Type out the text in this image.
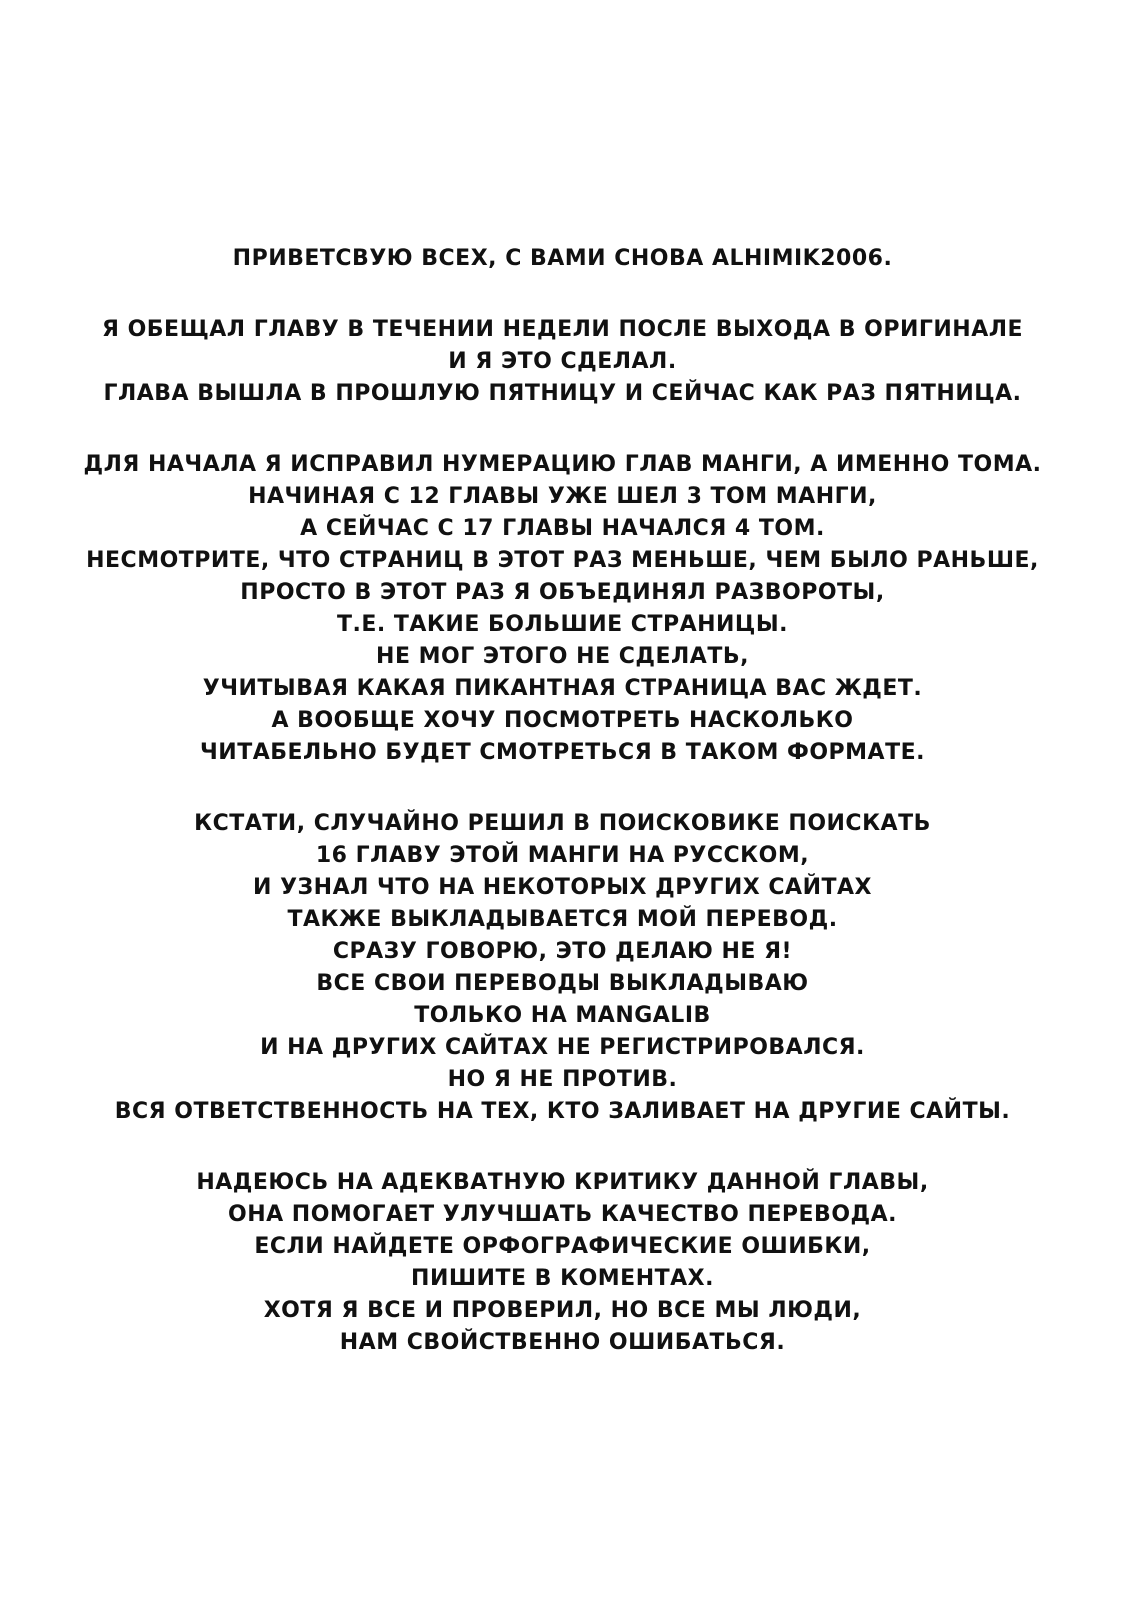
ПРИВЕТСВУЮ ВСЕХ, С ВАМИ СНОВА ALHIMIK2006.
Я ОБЕЩАЛ ГЛАВУ В ТЕЧЕНИИ НЕДЕЛИ ПОСЛЕ ВЫХОДА В ОРИГИНАЛЕ
И Я ЭТО СДЕЛАЛ.
ГЛАВА ВЫШЛА В ПРОШЛУЮ ПЯТНИЦУ И СЕЙЧАС КАК РАЗ ПЯТНИЦА.
ДЛЯ НАЧАЛА Я ИСПРАВИЛ НУМЕРАЦИЮ ГЛАВ МАНГИ, А ИМЕННО ТОМА.
НАЧИНАЯ С 12 ГЛАВЫ УЖЕ ШЕЛ 3 ТОМ МАНГИ,
А СЕЙЧАС С 17 ГЛАВЫ НАЧАЛСЯ 4 ТОМ.
НЕСМОТРИТЕ, ЧТО СТРАНИЦ В ЭТОТ РАЗ МЕНЬШЕ, ЧЕМ БЫЛО РАНЬШЕ,
ПРОСТО В ЭТОТ РАЗ Я ОБЪЕДИНЯЛ РАЗВОРОТЫ,
Т.Е. ТАКИЕ БОЛЬШИЕ СТРАНИЦЫ.
НЕ МОГ ЭТОГО НЕ СДЕЛАТЬ,
УЧИТЫВАЯ КАКАЯ ПИКАНТНАЯ СТРАНИЦА ВАС ЖДЕТ.
А ВООБЩЕ ХОЧУ ПОСМОТРЕТЬ НАСКОЛЬКО
ЧИТАБЕЛЬНО БУДЕТ СМОТРЕТЬСЯ В ТАКОМ ФОРМАТЕ.
КСТАТИ, СЛУЧАЙНО РЕШИЛ В ПОИСКОВИКЕ ПОИСКАТЬ
16 ГЛАВУ ЭТОЙ МАНГИ НА РУССКОМ,
И УЗНАЛ ЧТО НА НЕКОТОРЫХ ДРУГИХ САЙТАХ
ТАКЖЕ ВЫКЛАДЫВАЕТСЯ МОЙ ПЕРЕВОД.
СРАЗУ ГОВОРЮ, ЭТО ДЕЛАЮ НЕ Я!
ВСЕ СВОИ ПЕРЕВОДЫ ВЫКЛАДЫВАЮ
ТОЛЬКО НА MANGALIB
И НА ДРУГИХ САЙТАХ НЕ РЕГИСТРИРОВАЛСЯ.
НО Я НЕ ПРОТИВ.
ВСЯ ОТВЕТСТВЕННОСТЬ НА ТЕХ, КТО ЗАЛИВАЕТ НА ДРУГИЕ САЙТЫ.
НАДЕЮСЬ НА АДЕКВАТНУЮ КРИТИКУ ДАННОЙ ГЛАВЫ,
ОНА ПОМОГАЕТ УЛУЧШАТЬ КАЧЕСТВО ПЕРЕВОДА.
ЕСЛИ НАЙДЕТЕ ОРФОГРАФИЧЕСКИЕ ОШИБКИ,
ПИШИТЕ В КОМЕНТАХ.
ХОТЯ Я ВСЕ И ПРОВЕРИЛ, НО ВСЕ МЫ ЛЮДИ,
НАМ СВОЙСТВЕННО ОШИБАТЬСЯ.
